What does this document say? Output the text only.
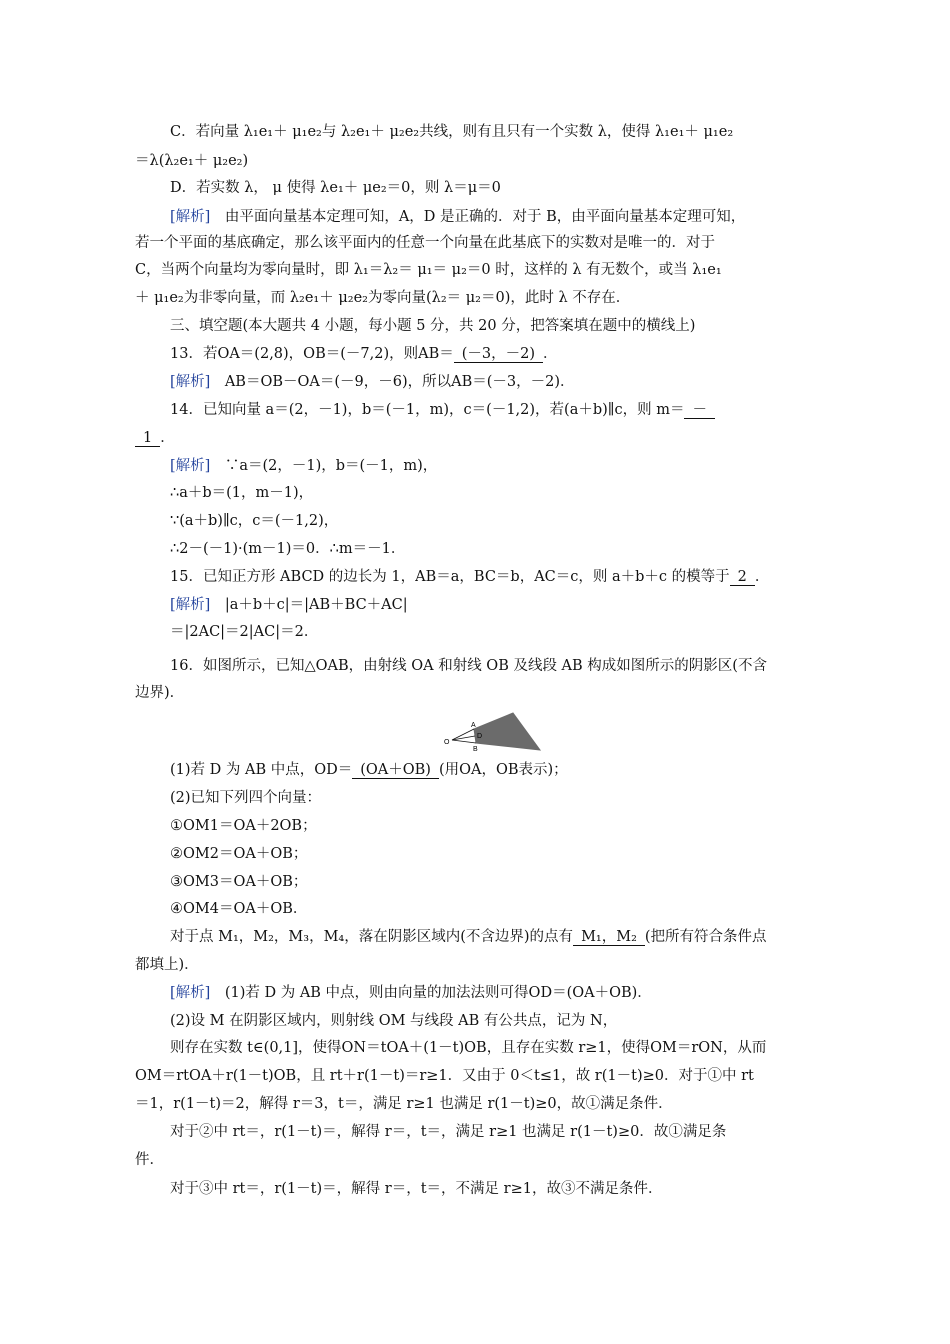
C．若向量 λ₁e₁＋ μ₁e₂与 λ₂e₁＋ μ₂e₂共线，则有且只有一个实数 λ，使得 λ₁e₁＋ μ₁e₂
＝λ(λ₂e₁＋ μ₂e₂)
D．若实数 λ， μ 使得 λe₁＋ μe₂＝0，则 λ＝μ＝0
[解析]　由平面向量基本定理可知，A，D 是正确的．对于 B，由平面向量基本定理可知，
若一个平面的基底确定，那么该平面内的任意一个向量在此基底下的实数对是唯一的．对于
C，当两个向量均为零向量时，即 λ₁＝λ₂＝ μ₁＝ μ₂＝0 时，这样的 λ 有无数个，或当 λ₁e₁
＋ μ₁e₂为非零向量，而 λ₂e₁＋ μ₂e₂为零向量(λ₂＝ μ₂＝0)，此时 λ 不存在．
三、填空题(本大题共 4 小题，每小题 5 分，共 20 分，把答案填在题中的横线上)
13．若OA＝(2,8)，OB＝(－7,2)，则AB＝ (－3，－2) ．
[解析]　AB＝OB－OA＝(－9，－6)，所以AB＝(－3，－2)．
14．已知向量 a＝(2，－1)，b＝(－1，m)，c＝(－1,2)，若(a＋b)∥c，则 m＝ －
1 ．
[解析]　∵a＝(2，－1)，b＝(－1，m)，
∴a＋b＝(1，m－1)，
∵(a＋b)∥c，c＝(－1,2)，
∴2－(－1)·(m－1)＝0．∴m＝－1．
15．已知正方形 ABCD 的边长为 1，AB＝a，BC＝b，AC＝c，则 a＋b＋c 的模等于 2 ．
[解析]　|a＋b＋c|＝|AB＋BC＋AC|
＝|2AC|＝2|AC|＝2．
16．如图所示，已知△OAB，由射线 OA 和射线 OB 及线段 AB 构成如图所示的阴影区(不含
边界)．
(1)若 D 为 AB 中点，OD＝ (OA＋OB) (用OA，OB表示)；
(2)已知下列四个向量：
①OM1＝OA＋2OB；
②OM2＝OA＋OB；
③OM3＝OA＋OB；
④OM4＝OA＋OB．
对于点 M₁，M₂，M₃，M₄，落在阴影区域内(不含边界)的点有 M₁，M₂ (把所有符合条件点
都填上)．
[解析]　(1)若 D 为 AB 中点，则由向量的加法法则可得OD＝(OA＋OB)．
(2)设 M 在阴影区域内，则射线 OM 与线段 AB 有公共点，记为 N，
则存在实数 t∈(0,1]，使得ON＝tOA＋(1－t)OB，且存在实数 r≥1，使得OM＝rON，从而
OM＝rtOA＋r(1－t)OB，且 rt＋r(1－t)＝r≥1．又由于 0＜t≤1，故 r(1－t)≥0．对于①中 rt
＝1，r(1－t)＝2，解得 r＝3，t＝，满足 r≥1 也满足 r(1－t)≥0，故①满足条件．
对于②中 rt＝，r(1－t)＝，解得 r＝，t＝，满足 r≥1 也满足 r(1－t)≥0．故①满足条
件．
对于③中 rt＝，r(1－t)＝，解得 r＝，t＝，不满足 r≥1，故③不满足条件．
O
A
D
B
